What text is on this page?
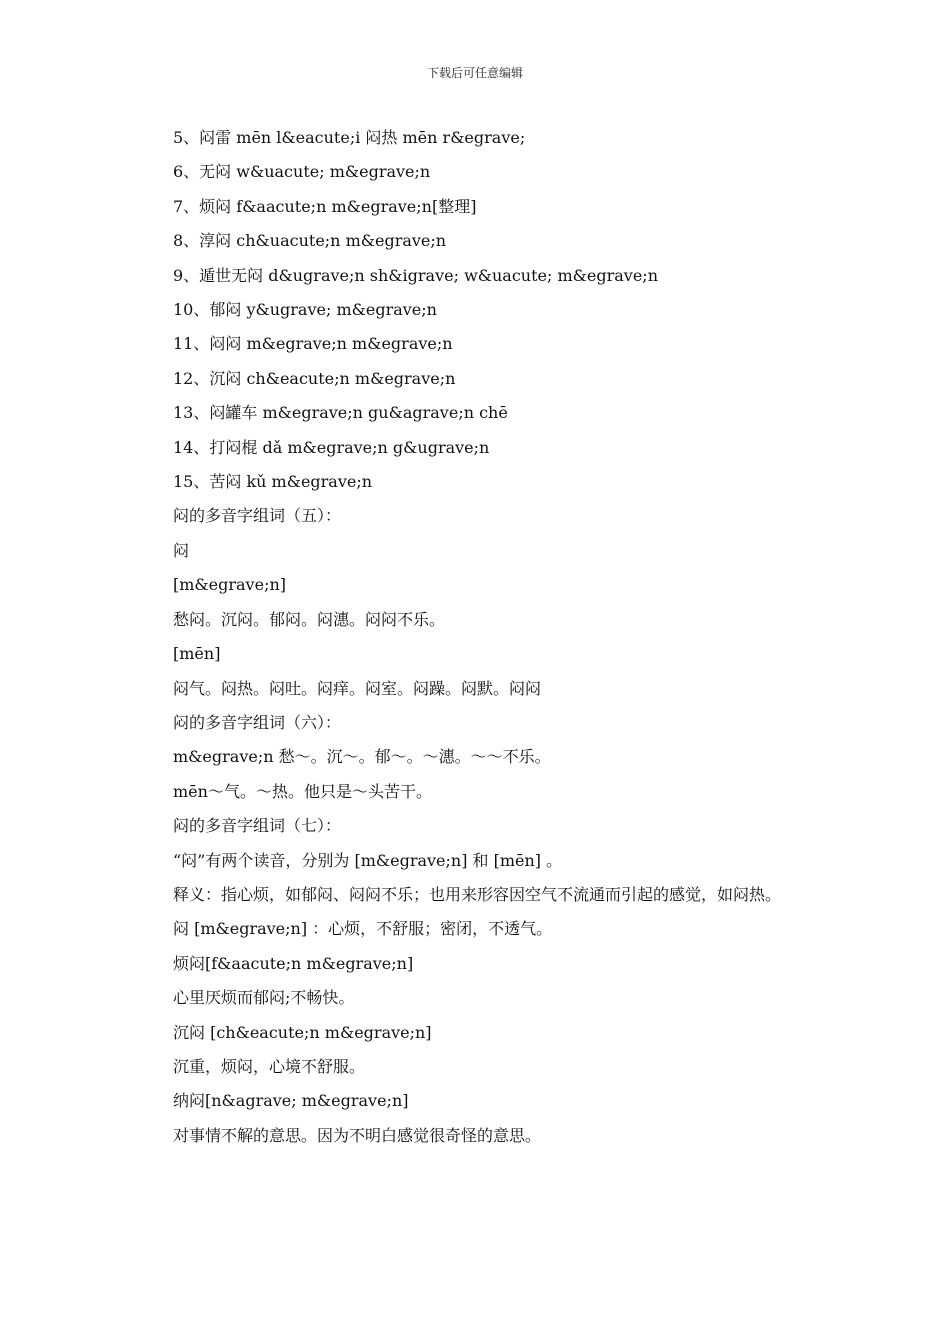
下载后可任意编辑

5、闷雷 mēn l&eacute;i 闷热 mēn r&egrave;

6、无闷 w&uacute; m&egrave;n

7、烦闷 f&aacute;n m&egrave;n[整理]

8、淳闷 ch&uacute;n m&egrave;n

9、遁世无闷 d&ugrave;n sh&igrave; w&uacute; m&egrave;n

10、郁闷 y&ugrave; m&egrave;n

11、闷闷 m&egrave;n m&egrave;n

12、沉闷 ch&eacute;n m&egrave;n

13、闷罐车 m&egrave;n gu&agrave;n chē

14、打闷棍 dǎ m&egrave;n g&ugrave;n

15、苦闷 kǔ m&egrave;n

闷的多音字组词（五）：

闷

[m&egrave;n]

愁闷。沉闷。郁闷。闷潓。闷闷不乐。

[mēn]

闷气。闷热。闷吐。闷痒。闷室。闷躁。闷默。闷闷

闷的多音字组词（六）：

m&egrave;n 愁～。沉～。郁～。～潓。～～不乐。

mēn～气。～热。他只是～头苦干。

闷的多音字组词（七）：

“闷”有两个读音，分别为 [m&egrave;n] 和 [mēn] 。

释义：指心烦，如郁闷、闷闷不乐；也用来形容因空气不流通而引起的感觉，如闷热。

闷 [m&egrave;n] ：心烦，不舒服；密闭，不透气。

烦闷[f&aacute;n m&egrave;n]

心里厌烦而郁闷;不畅快。

沉闷 [ch&eacute;n m&egrave;n]

沉重，烦闷，心境不舒服。

纳闷[n&agrave; m&egrave;n]

对事情不解的意思。因为不明白感觉很奇怪的意思。
